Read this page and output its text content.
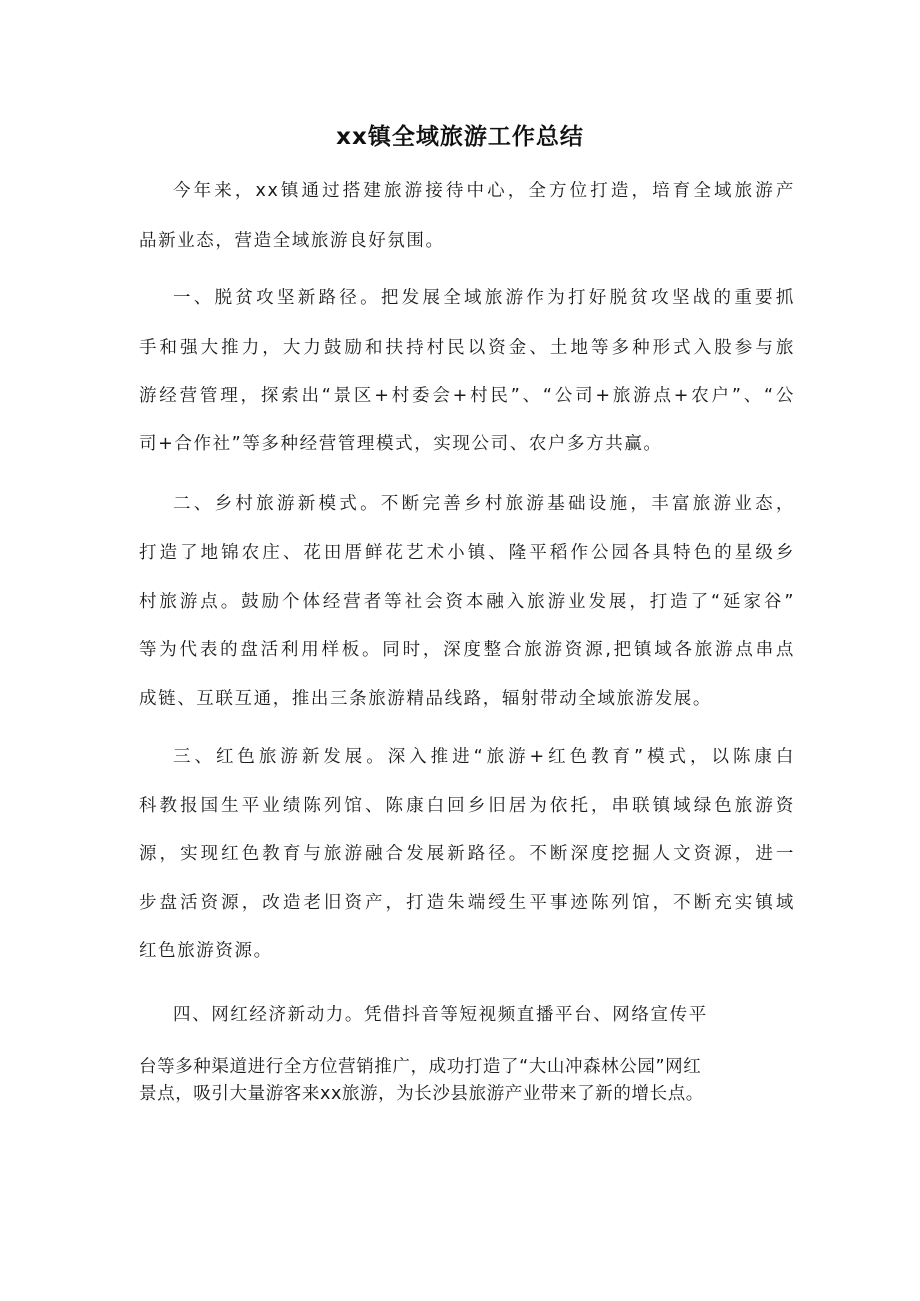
xx镇全域旅游工作总结
今年来，xx镇通过搭建旅游接待中心，全方位打造，培育全域旅游产
品新业态，营造全域旅游良好氛围。
一、脱贫攻坚新路径。把发展全域旅游作为打好脱贫攻坚战的重要抓
手和强大推力，大力鼓励和扶持村民以资金、土地等多种形式入股参与旅
游经营管理，探索出“景区+村委会+村民”、“公司+旅游点+农户”、“公
司+合作社”等多种经营管理模式，实现公司、农户多方共赢。
二、乡村旅游新模式。不断完善乡村旅游基础设施，丰富旅游业态，
打造了地锦农庄、花田厝鲜花艺术小镇、隆平稻作公园各具特色的星级乡
村旅游点。鼓励个体经营者等社会资本融入旅游业发展，打造了“延家谷”
等为代表的盘活利用样板。同时，深度整合旅游资源,把镇域各旅游点串点
成链、互联互通，推出三条旅游精品线路，辐射带动全域旅游发展。
三、红色旅游新发展。深入推进“旅游+红色教育”模式，以陈康白
科教报国生平业绩陈列馆、陈康白回乡旧居为依托，串联镇域绿色旅游资
源，实现红色教育与旅游融合发展新路径。不断深度挖掘人文资源，进一
步盘活资源，改造老旧资产，打造朱端绶生平事迹陈列馆，不断充实镇域
红色旅游资源。
四、网红经济新动力。凭借抖音等短视频直播平台、网络宣传平
台等多种渠道进行全方位营销推广，成功打造了“大山冲森林公园”网红
景点，吸引大量游客来xx旅游，为长沙县旅游产业带来了新的增长点。
